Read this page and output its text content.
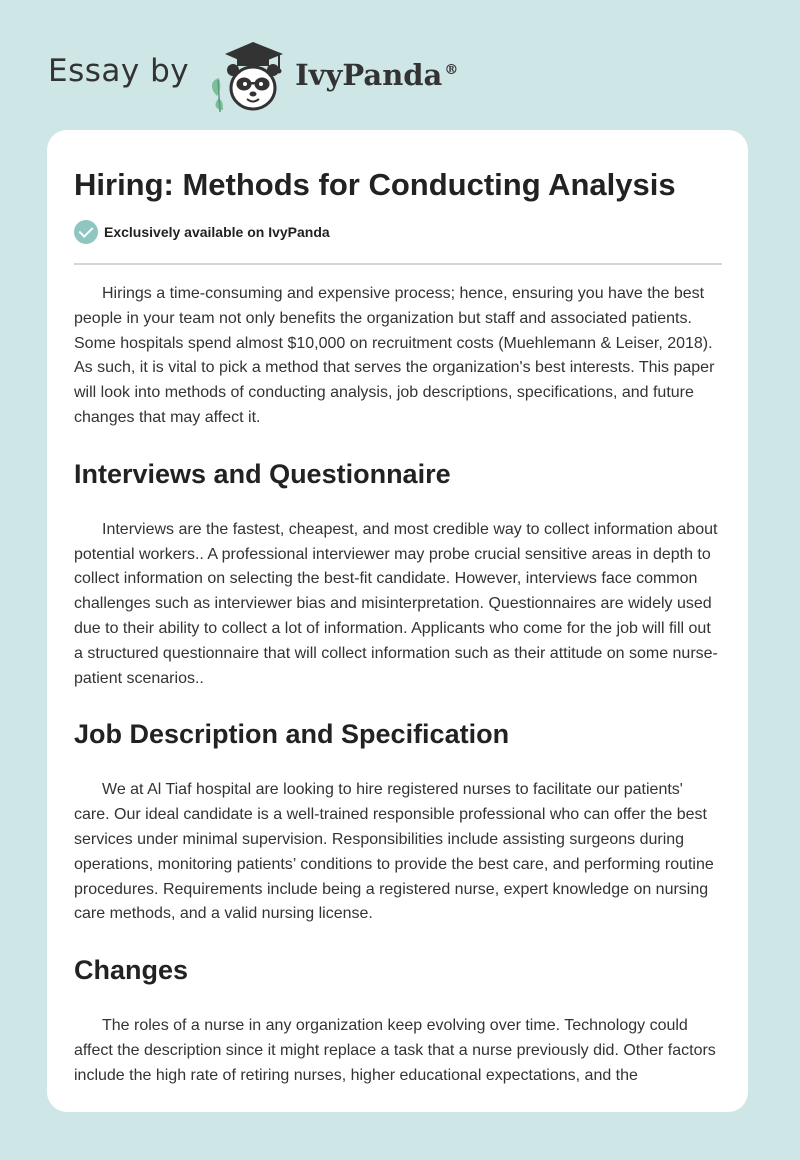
Essay by	IvyPanda ®
Hiring: Methods for Conducting Analysis
Exclusively available on IvyPanda

Hirings a time-consuming and expensive process; hence, ensuring you have the best people in your team not only benefits the organization but staff and associated patients. Some hospitals spend almost $10,000 on recruitment costs (Muehlemann & Leiser, 2018). As such, it is vital to pick a method that serves the organization's best interests. This paper will look into methods of conducting analysis, job descriptions, specifications, and future changes that may affect it.

Interviews and Questionnaire

Interviews are the fastest, cheapest, and most credible way to collect information about potential workers.. A professional interviewer may probe crucial sensitive areas in depth to collect information on selecting the best-fit candidate. However, interviews face common challenges such as interviewer bias and misinterpretation. Questionnaires are widely used due to their ability to collect a lot of information. Applicants who come for the job will fill out a structured questionnaire that will collect information such as their attitude on some nurse-patient scenarios..

Job Description and Specification

We at Al Tiaf hospital are looking to hire registered nurses to facilitate our patients' care. Our ideal candidate is a well-trained responsible professional who can offer the best services under minimal supervision. Responsibilities include assisting surgeons during operations, monitoring patients’ conditions to provide the best care, and performing routine procedures. Requirements include being a registered nurse, expert knowledge on nursing care methods, and a valid nursing license.

Changes

The roles of a nurse in any organization keep evolving over time. Technology could affect the description since it might replace a task that a nurse previously did. Other factors include the high rate of retiring nurses, higher educational expectations, and the
